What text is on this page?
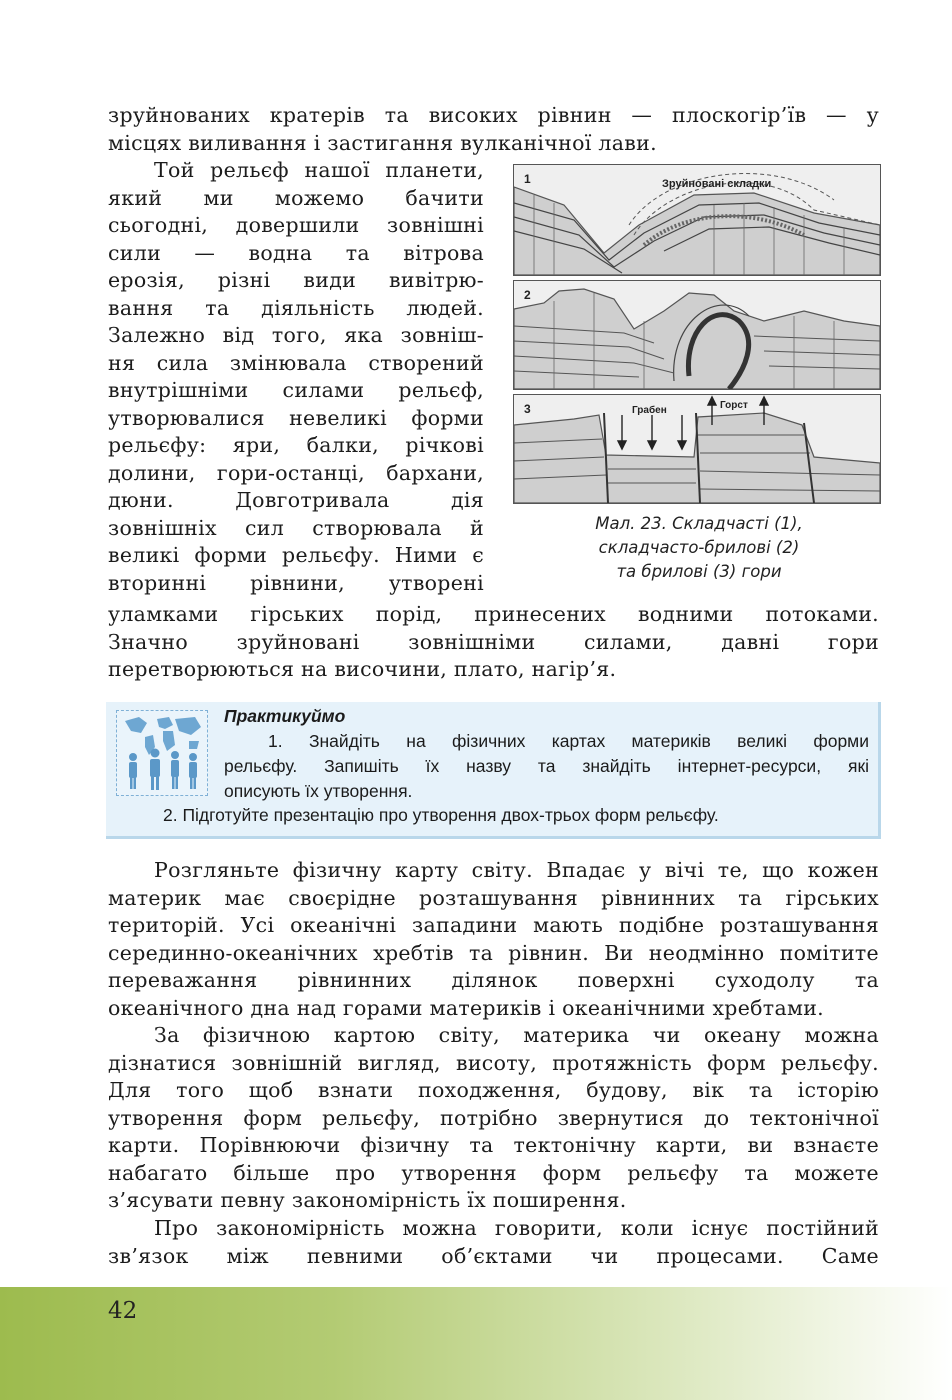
зруйнованих кратерів та високих рівнин — плоскогір’їв — у
місцях виливання і застигання вулканічної лави.
Той рельєф нашої планети,
який ми можемо бачити
сьогодні, довершили зовнішні
сили — водна та вітрова
ерозія, різні види вивітрю-
вання та діяльність людей.
Залежно від того, яка зовніш-
ня сила змінювала створений
внутрішніми силами рельєф,
утворювалися невеликі форми
рельєфу: яри, балки, річкові
долини, гори-останці, бархани,
дюни. Довготривала дія
зовнішніх сил створювала й
великі форми рельєфу. Ними є
вторинні рівнини, утворені
уламками гірських порід, принесених водними потоками.
Значно зруйновані зовнішніми силами, давні гори
перетворюються на височини, плато, нагір’я.
1	Зруйновані складки
2
3	Грабен	Горст
Мал. 23. Складчасті (1),
складчасто-брилові (2)
та брилові (3) гори
Практикуймо
1. Знайдіть на фізичних картах материків великі форми
рельєфу. Запишіть їх назву та знайдіть інтернет-ресурси, які
описують їх утворення.
2. Підготуйте презентацію про утворення двох-трьох форм рельєфу.
Розгляньте фізичну карту світу. Впадає у вічі те, що кожен
материк має своєрідне розташування рівнинних та гірських
територій. Усі океанічні западини мають подібне розташування
серединно-океанічних хребтів та рівнин. Ви неодмінно помітите
переважання рівнинних ділянок поверхні суходолу та
океанічного дна над горами материків і океанічними хребтами.
За фізичною картою світу, материка чи океану можна
дізнатися зовнішній вигляд, висоту, протяжність форм рельєфу.
Для того щоб взнати походження, будову, вік та історію
утворення форм рельєфу, потрібно звернутися до тектонічної
карти. Порівнюючи фізичну та тектонічну карти, ви взнаєте
набагато більше про утворення форм рельєфу та можете
з’ясувати певну закономірність їх поширення.
Про закономірність можна говорити, коли існує постійний
зв’язок між певними об’єктами чи процесами. Саме
42
